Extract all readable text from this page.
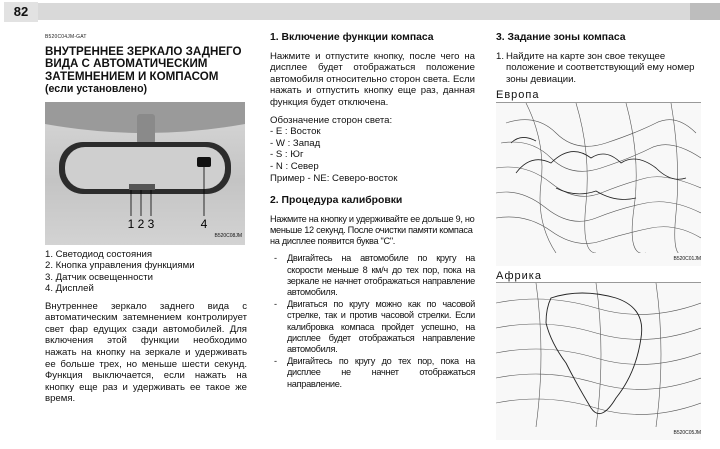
82
B520C04JM-GAT
ВНУТРЕННЕЕ ЗЕРКАЛО ЗАДНЕГО
ВИДА С АВТОМАТИЧЕСКИМ
ЗАТЕМНЕНИЕМ И КОМПАСОМ
(если установлено)
1 2 3	4
B520C08JM
1. Светодиод состояния
2. Кнопка управления функциями
3. Датчик освещенности
4. Дисплей

Внутреннее зеркало заднего вида с автоматическим затемнением контролирует свет фар едущих сзади автомобилей. Для включения этой функции необходимо нажать на кнопку на зеркале и удерживать ее больше трех, но меньше шести секунд. Функция выключается, если нажать на кнопку еще раз и удерживать ее такое же время.

1. Включение функции компаса

Нажмите и отпустите кнопку, после чего на дисплее будет отображаться положение автомобиля относительно сторон света. Если нажать и отпустить кнопку еще раз, данная функция будет отключена.

Обозначение сторон света:
- E : Восток
- W : Запад
- S : Юг
- N : Север
Пример - NE: Северо-восток
2. Процедура калибровки

Нажмите на кнопку и удерживайте ее дольше 9, но меньше 12 секунд. После очистки памяти компаса на дисплее появится буква "C".

- Двигайтесь на автомобиле по кругу на скорости меньше 8 км/ч до тех пор, пока на зеркале не начнет отображаться направление автомобиля.
- Двигаться по кругу можно как по часовой стрелке, так и против часовой стрелки. Если калибровка компаса пройдет успешно, на дисплее будет отображаться направление автомобиля.
- Двигайтесь по кругу до тех пор, пока на дисплее не начнет отображаться направление.
3. Задание зоны компаса
1. Найдите на карте зон свое текущее положение и соответствующий ему номер зоны девиации.
Европа
B520C01JM
Африка
B520C05JM
